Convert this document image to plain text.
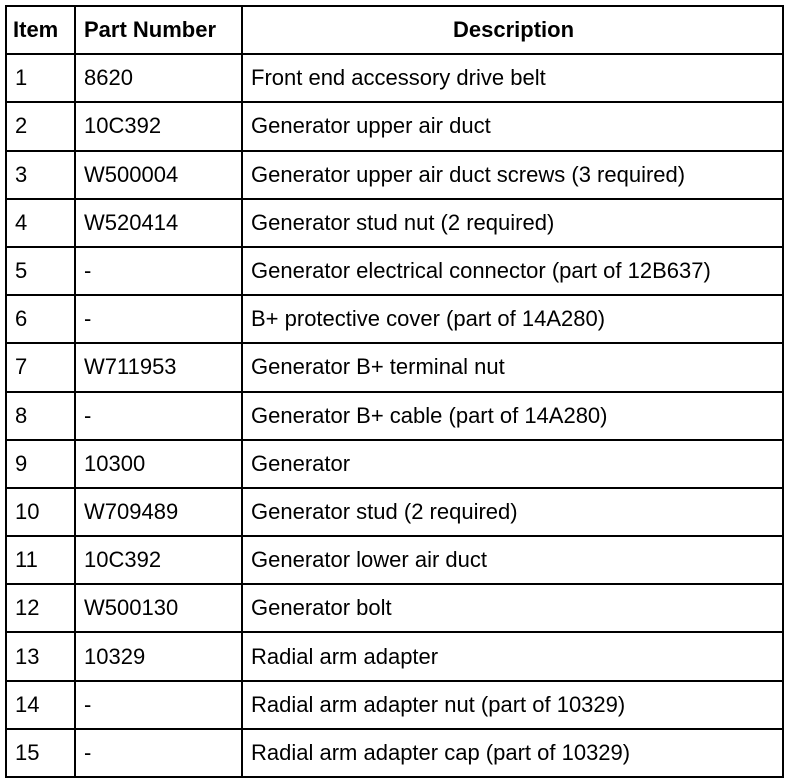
Item	Part Number	Description
1	8620	Front end accessory drive belt
2	10C392	Generator upper air duct
3	W500004	Generator upper air duct screws (3 required)
4	W520414	Generator stud nut (2 required)
5	-	Generator electrical connector (part of 12B637)
6	-	B+ protective cover (part of 14A280)
7	W711953	Generator B+ terminal nut
8	-	Generator B+ cable (part of 14A280)
9	10300	Generator
10	W709489	Generator stud (2 required)
11	10C392	Generator lower air duct
12	W500130	Generator bolt
13	10329	Radial arm adapter
14	-	Radial arm adapter nut (part of 10329)
15	-	Radial arm adapter cap (part of 10329)
